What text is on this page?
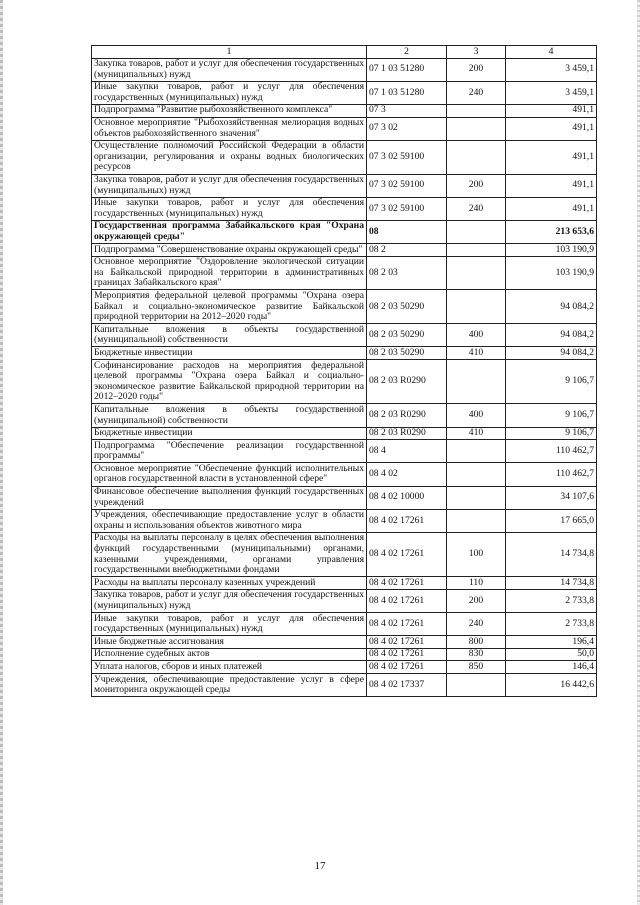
1	2	3	4
Закупка товаров, работ и услуг для обеспечения государственных (муниципальных) нужд	07 1 03 51280	200	3 459,1
Иные закупки товаров, работ и услуг для обеспечения государственных (муниципальных) нужд	07 1 03 51280	240	3 459,1
Подпрограмма "Развитие рыбохозяйственного комплекса"	07 3		491,1
Основное мероприятие "Рыбохозяйственная мелиорация водных объектов рыбохозяйственного значения"	07 3 02		491,1
Осуществление полномочий Российской Федерации в области организации, регулирования и охраны водных биологических ресурсов	07 3 02 59100		491,1
Закупка товаров, работ и услуг для обеспечения государственных (муниципальных) нужд	07 3 02 59100	200	491,1
Иные закупки товаров, работ и услуг для обеспечения государственных (муниципальных) нужд	07 3 02 59100	240	491,1
Государственная программа Забайкальского края "Охрана окружающей среды"	08		213 653,6
Подпрограмма "Совершенствование охраны окружающей среды"	08 2		103 190,9
Основное мероприятие "Оздоровление экологической ситуации на Байкальской природной территории в административных границах Забайкальского края"	08 2 03		103 190,9
Мероприятия федеральной целевой программы "Охрана озера Байкал и социально-экономическое развитие Байкальской природной территории на 2012–2020 годы"	08 2 03 50290		94 084,2
Капитальные вложения в объекты государственной (муниципальной) собственности	08 2 03 50290	400	94 084,2
Бюджетные инвестиции	08 2 03 50290	410	94 084,2
Софинансирование расходов на мероприятия федеральной целевой программы "Охрана озера Байкал и социально-экономическое развитие Байкальской природной территории на 2012–2020 годы"	08 2 03 R0290		9 106,7
Капитальные вложения в объекты государственной (муниципальной) собственности	08 2 03 R0290	400	9 106,7
Бюджетные инвестиции	08 2 03 R0290	410	9 106,7
Подпрограмма "Обеспечение реализации государственной программы"	08 4		110 462,7
Основное мероприятие "Обеспечение функций исполнительных органов государственной власти в установленной сфере"	08 4 02		110 462,7
Финансовое обеспечение выполнения функций государственных учреждений	08 4 02 10000		34 107,6
Учреждения, обеспечивающие предоставление услуг в области охраны и использования объектов животного мира	08 4 02 17261		17 665,0
Расходы на выплаты персоналу в целях обеспечения выполнения функций государственными (муниципальными) органами, казенными учреждениями, органами управления государственными внебюджетными фондами	08 4 02 17261	100	14 734,8
Расходы на выплаты персоналу казенных учреждений	08 4 02 17261	110	14 734,8
Закупка товаров, работ и услуг для обеспечения государственных (муниципальных) нужд	08 4 02 17261	200	2 733,8
Иные закупки товаров, работ и услуг для обеспечения государственных (муниципальных) нужд	08 4 02 17261	240	2 733,8
Иные бюджетные ассигнования	08 4 02 17261	800	196,4
Исполнение судебных актов	08 4 02 17261	830	50,0
Уплата налогов, сборов и иных платежей	08 4 02 17261	850	146,4
Учреждения, обеспечивающие предоставление услуг в сфере мониторинга окружающей среды	08 4 02 17337		16 442,6
17
